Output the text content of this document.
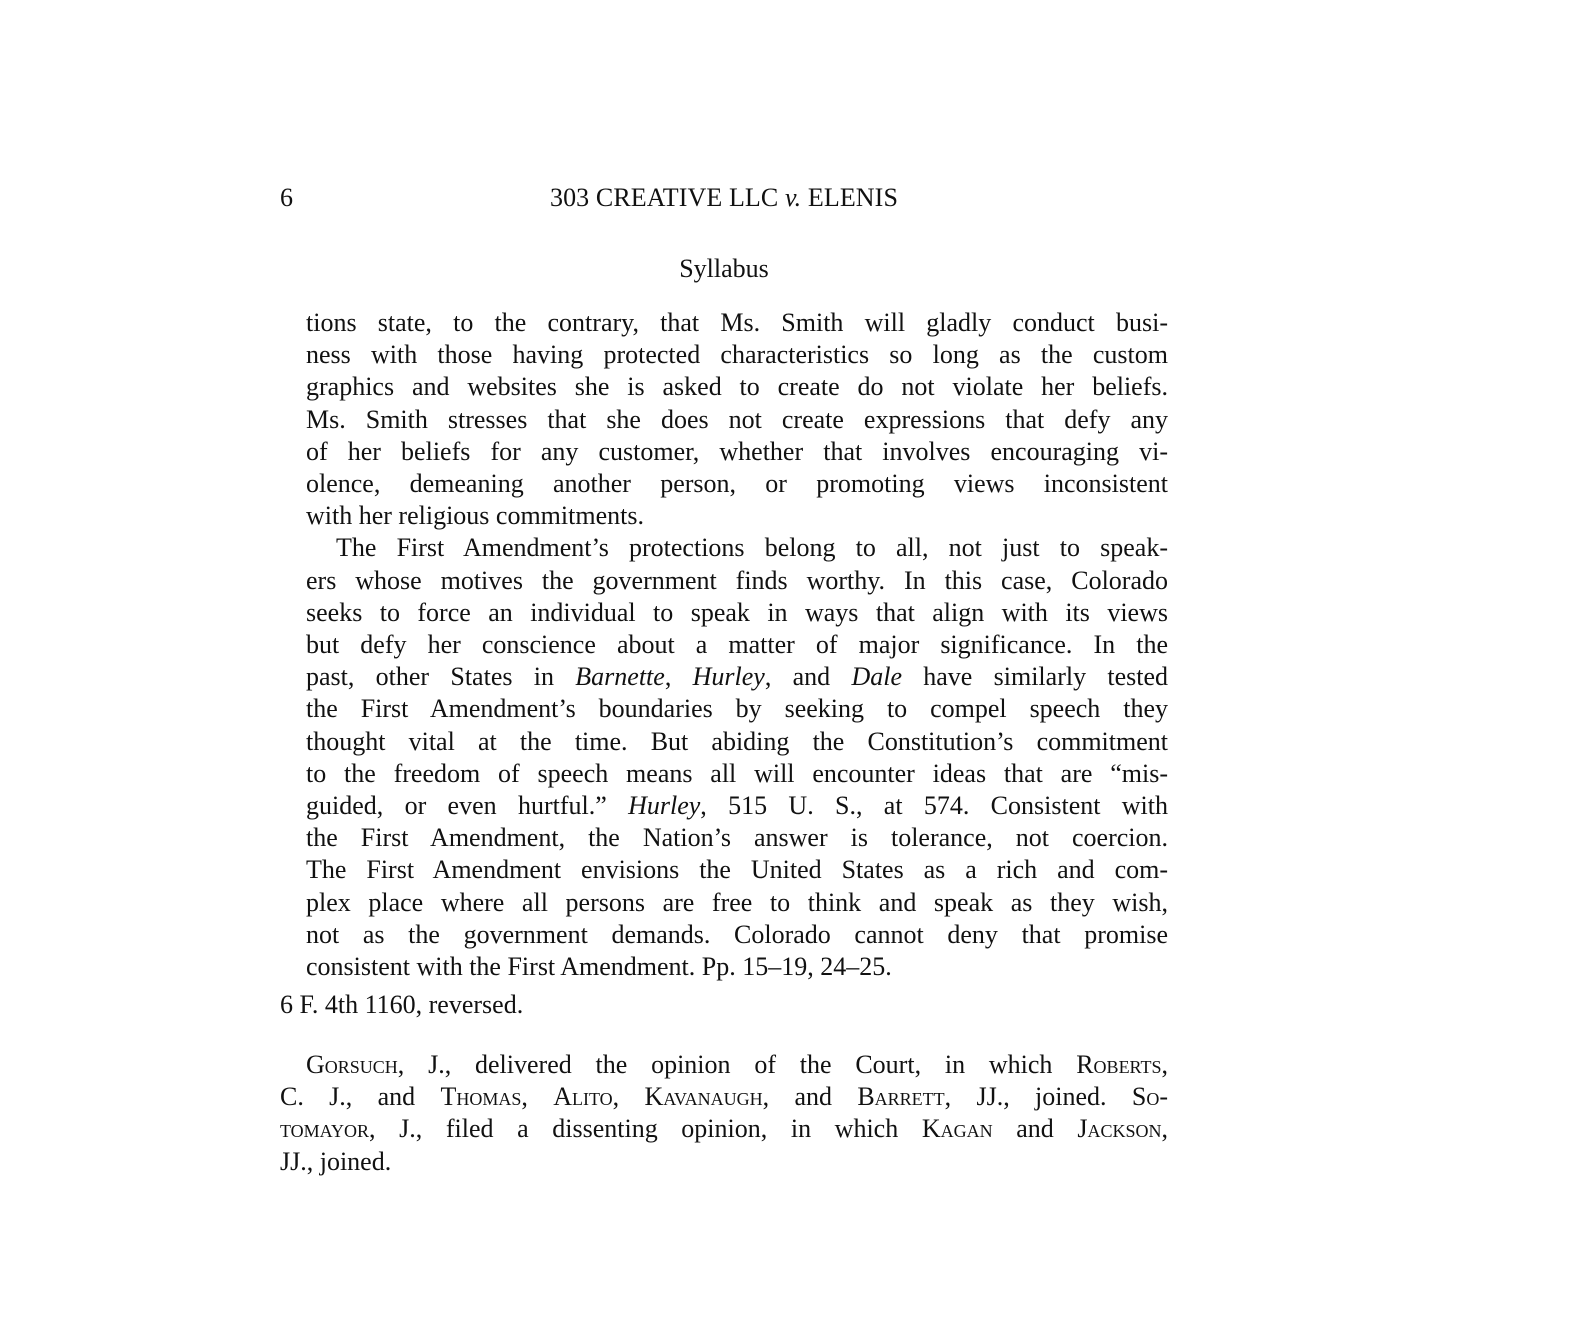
6	303 CREATIVE LLC v. ELENIS
Syllabus
tions state, to the contrary, that Ms. Smith will gladly conduct busi-
ness with those having protected characteristics so long as the custom
graphics and websites she is asked to create do not violate her beliefs.
Ms. Smith stresses that she does not create expressions that defy any
of her beliefs for any customer, whether that involves encouraging vi-
olence, demeaning another person, or promoting views inconsistent
with her religious commitments.
The First Amendment’s protections belong to all, not just to speak-
ers whose motives the government finds worthy. In this case, Colorado
seeks to force an individual to speak in ways that align with its views
but defy her conscience about a matter of major significance. In the
past, other States in Barnette, Hurley, and Dale have similarly tested
the First Amendment’s boundaries by seeking to compel speech they
thought vital at the time. But abiding the Constitution’s commitment
to the freedom of speech means all will encounter ideas that are “mis-
guided, or even hurtful.” Hurley, 515 U. S., at 574. Consistent with
the First Amendment, the Nation’s answer is tolerance, not coercion.
The First Amendment envisions the United States as a rich and com-
plex place where all persons are free to think and speak as they wish,
not as the government demands. Colorado cannot deny that promise
consistent with the First Amendment. Pp. 15–19, 24–25.
6 F. 4th 1160, reversed.
Gorsuch, J., delivered the opinion of the Court, in which Roberts,
C. J., and Thomas, Alito, Kavanaugh, and Barrett, JJ., joined. So-
tomayor, J., filed a dissenting opinion, in which Kagan and Jackson,
JJ., joined.
